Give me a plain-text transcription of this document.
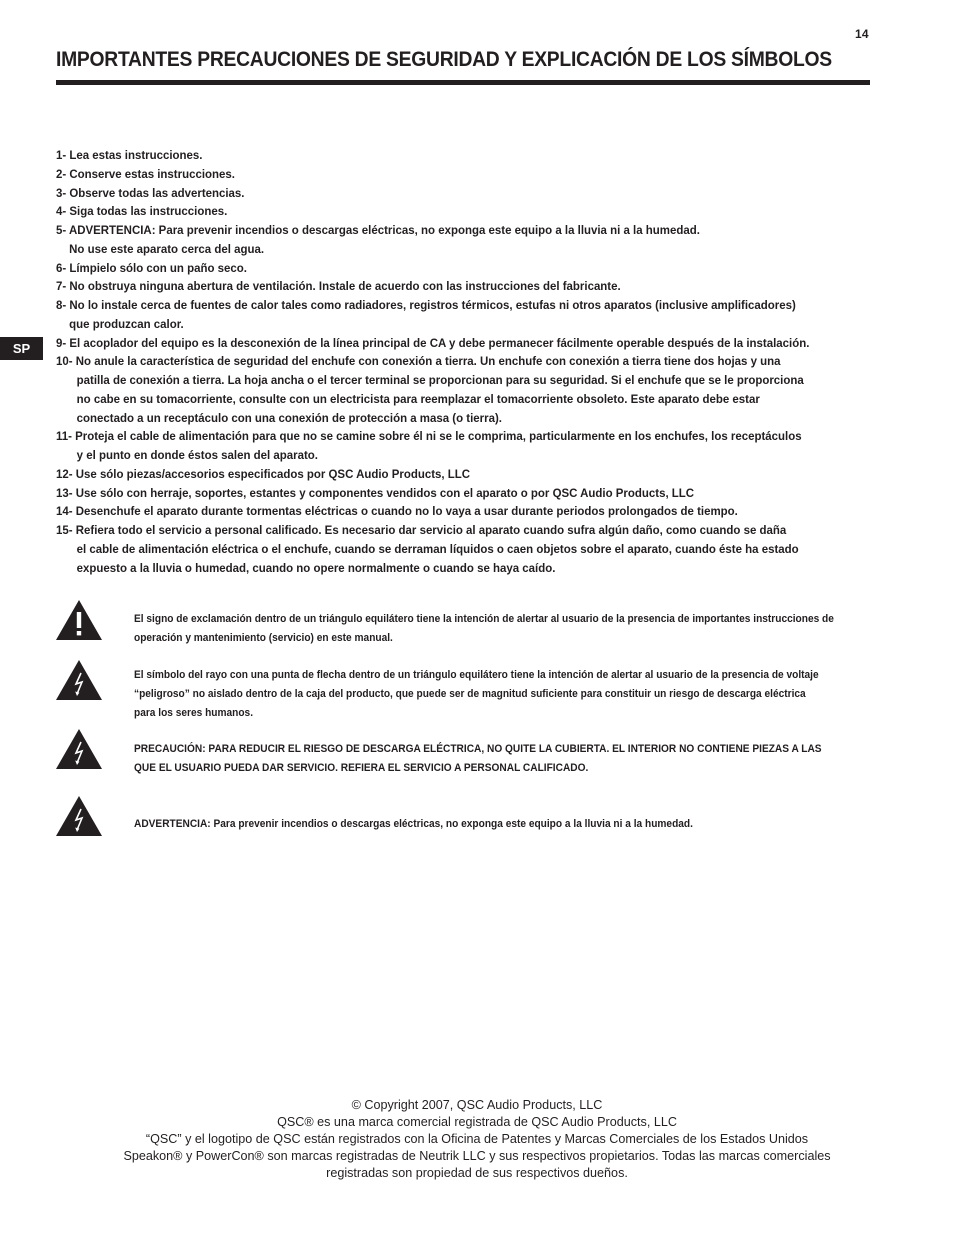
14
IMPORTANTES PRECAUCIONES DE SEGURIDAD Y EXPLICACIÓN DE LOS SÍMBOLOS
SP
1- Lea estas instrucciones.
2- Conserve estas instrucciones.
3- Observe todas las advertencias.
4- Siga todas las instrucciones.
5- ADVERTENCIA: Para prevenir incendios o descargas eléctricas, no exponga este equipo a la lluvia ni a la humedad.
No use este aparato cerca del agua.
6- Límpielo sólo con un paño seco.
7- No obstruya ninguna abertura de ventilación. Instale de acuerdo con las instrucciones del fabricante.
8- No lo instale cerca de fuentes de calor tales como radiadores, registros térmicos, estufas ni otros aparatos (inclusive amplificadores)
que produzcan calor.
9- El acoplador del equipo es la desconexión de la línea principal de CA y debe permanecer fácilmente operable después de la instalación.
10- No anule la característica de seguridad del enchufe con conexión a tierra. Un enchufe con conexión a tierra tiene dos hojas y una
patilla de conexión a tierra. La hoja ancha o el tercer terminal se proporcionan para su seguridad. Si el enchufe que se le proporciona
no cabe en su tomacorriente, consulte con un electricista para reemplazar el tomacorriente obsoleto. Este aparato debe estar
conectado a un receptáculo con una conexión de protección a masa (o tierra).
11- Proteja el cable de alimentación para que no se camine sobre él ni se le comprima, particularmente en los enchufes, los receptáculos
y el punto en donde éstos salen del aparato.
12- Use sólo piezas/accesorios especificados por QSC Audio Products, LLC
13- Use sólo con herraje, soportes, estantes y componentes vendidos con el aparato o por QSC Audio Products, LLC
14- Desenchufe el aparato durante tormentas eléctricas o cuando no lo vaya a usar durante periodos prolongados de tiempo.
15- Refiera todo el servicio a personal calificado. Es necesario dar servicio al aparato cuando sufra algún daño, como cuando se daña
el cable de alimentación eléctrica o el enchufe, cuando se derraman líquidos o caen objetos sobre el aparato, cuando éste ha estado
expuesto a la lluvia o humedad, cuando no opere normalmente o cuando se haya caído.
El signo de exclamación dentro de un triángulo equilátero tiene la intención de alertar al usuario de la presencia de importantes instrucciones de
operación y mantenimiento (servicio) en este manual.
El símbolo del rayo con una punta de flecha dentro de un triángulo equilátero tiene la intención de alertar al usuario de la presencia de voltaje
“peligroso” no aislado dentro de la caja del producto, que puede ser de magnitud suficiente para constituir un riesgo de descarga eléctrica
para los seres humanos.
PRECAUCIÓN: PARA REDUCIR EL RIESGO DE DESCARGA ELÉCTRICA, NO QUITE LA CUBIERTA. EL INTERIOR NO CONTIENE PIEZAS A LAS
QUE EL USUARIO PUEDA DAR SERVICIO. REFIERA EL SERVICIO A PERSONAL CALIFICADO.
ADVERTENCIA: Para prevenir incendios o descargas eléctricas, no exponga este equipo a la lluvia ni a la humedad.
© Copyright 2007, QSC Audio Products, LLC
QSC® es una marca comercial registrada de QSC Audio Products, LLC
“QSC” y el logotipo de QSC están registrados con la Oficina de Patentes y Marcas Comerciales de los Estados Unidos
Speakon® y PowerCon® son marcas registradas de Neutrik LLC y sus respectivos propietarios. Todas las marcas comerciales
registradas son propiedad de sus respectivos dueños.
